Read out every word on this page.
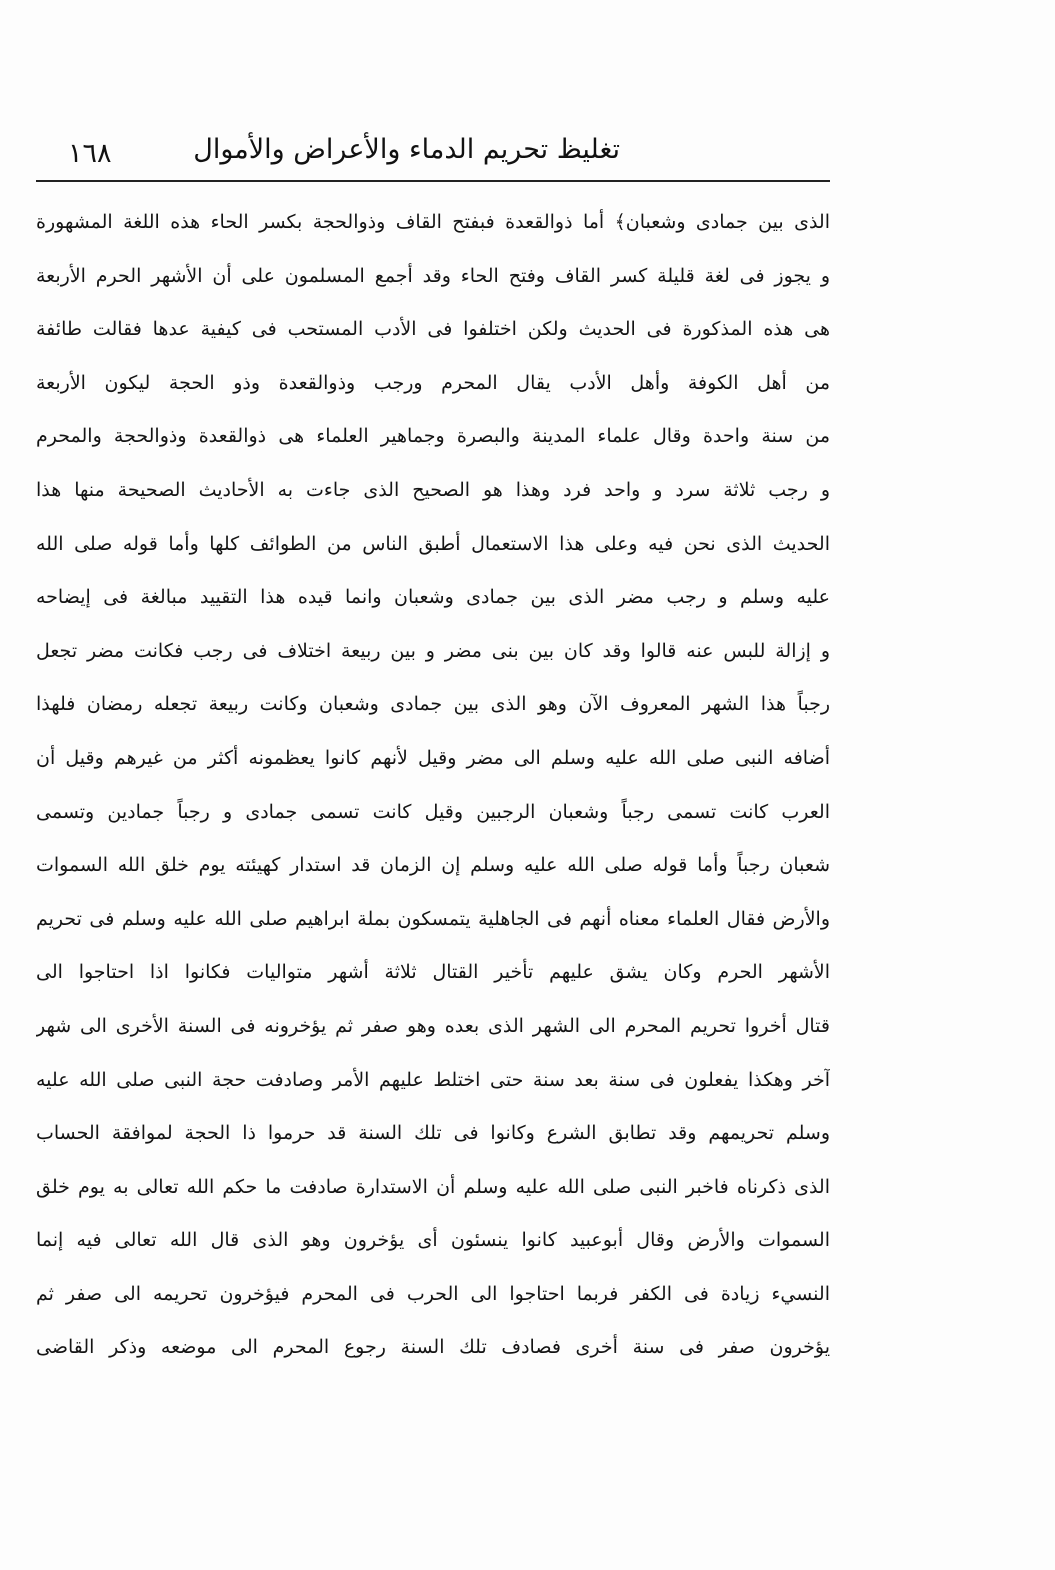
تغليظ تحريم الدماء والأعراض والأموال
١٦٨
الذى بين جمادى وشعبان﴾ أما ذوالقعدة فبفتح القاف وذوالحجة بكسر الحاء هذه اللغة المشهورة
و يجوز فى لغة قليلة كسر القاف وفتح الحاء وقد أجمع المسلمون على أن الأشهر الحرم الأربعة
هى هذه المذكورة فى الحديث ولكن اختلفوا فى الأدب المستحب فى كيفية عدها فقالت طائفة
من أهل الكوفة وأهل الأدب يقال المحرم ورجب وذوالقعدة وذو الحجة ليكون الأربعة
من سنة واحدة وقال علماء المدينة والبصرة وجماهير العلماء هى ذوالقعدة وذوالحجة والمحرم
و رجب ثلاثة سرد و واحد فرد وهذا هو الصحيح الذى جاءت به الأحاديث الصحيحة منها هذا
الحديث الذى نحن فيه وعلى هذا الاستعمال أطبق الناس من الطوائف كلها وأما قوله صلى الله
عليه وسلم و رجب مضر الذى بين جمادى وشعبان وانما قيده هذا التقييد مبالغة فى إيضاحه
و إزالة للبس عنه قالوا وقد كان بين بنى مضر و بين ربيعة اختلاف فى رجب فكانت مضر تجعل
رجباً هذا الشهر المعروف الآن وهو الذى بين جمادى وشعبان وكانت ربيعة تجعله رمضان فلهذا
أضافه النبى صلى الله عليه وسلم الى مضر وقيل لأنهم كانوا يعظمونه أكثر من غيرهم وقيل أن
العرب كانت تسمى رجباً وشعبان الرجبين وقيل كانت تسمى جمادى و رجباً جمادين وتسمى
شعبان رجباً وأما قوله صلى الله عليه وسلم إن الزمان قد استدار كهيئته يوم خلق الله السموات
والأرض فقال العلماء معناه أنهم فى الجاهلية يتمسكون بملة ابراهيم صلى الله عليه وسلم فى تحريم
الأشهر الحرم وكان يشق عليهم تأخير القتال ثلاثة أشهر متواليات فكانوا اذا احتاجوا الى
قتال أخروا تحريم المحرم الى الشهر الذى بعده وهو صفر ثم يؤخرونه فى السنة الأخرى الى شهر
آخر وهكذا يفعلون فى سنة بعد سنة حتى اختلط عليهم الأمر وصادفت حجة النبى صلى الله عليه
وسلم تحريمهم وقد تطابق الشرع وكانوا فى تلك السنة قد حرموا ذا الحجة لموافقة الحساب
الذى ذكرناه فاخبر النبى صلى الله عليه وسلم أن الاستدارة صادفت ما حكم الله تعالى به يوم خلق
السموات والأرض وقال أبوعبيد كانوا ينسئون أى يؤخرون وهو الذى قال الله تعالى فيه إنما
النسيء زيادة فى الكفر فربما احتاجوا الى الحرب فى المحرم فيؤخرون تحريمه الى صفر ثم
يؤخرون صفر فى سنة أخرى فصادف تلك السنة رجوع المحرم الى موضعه وذكر القاضى
